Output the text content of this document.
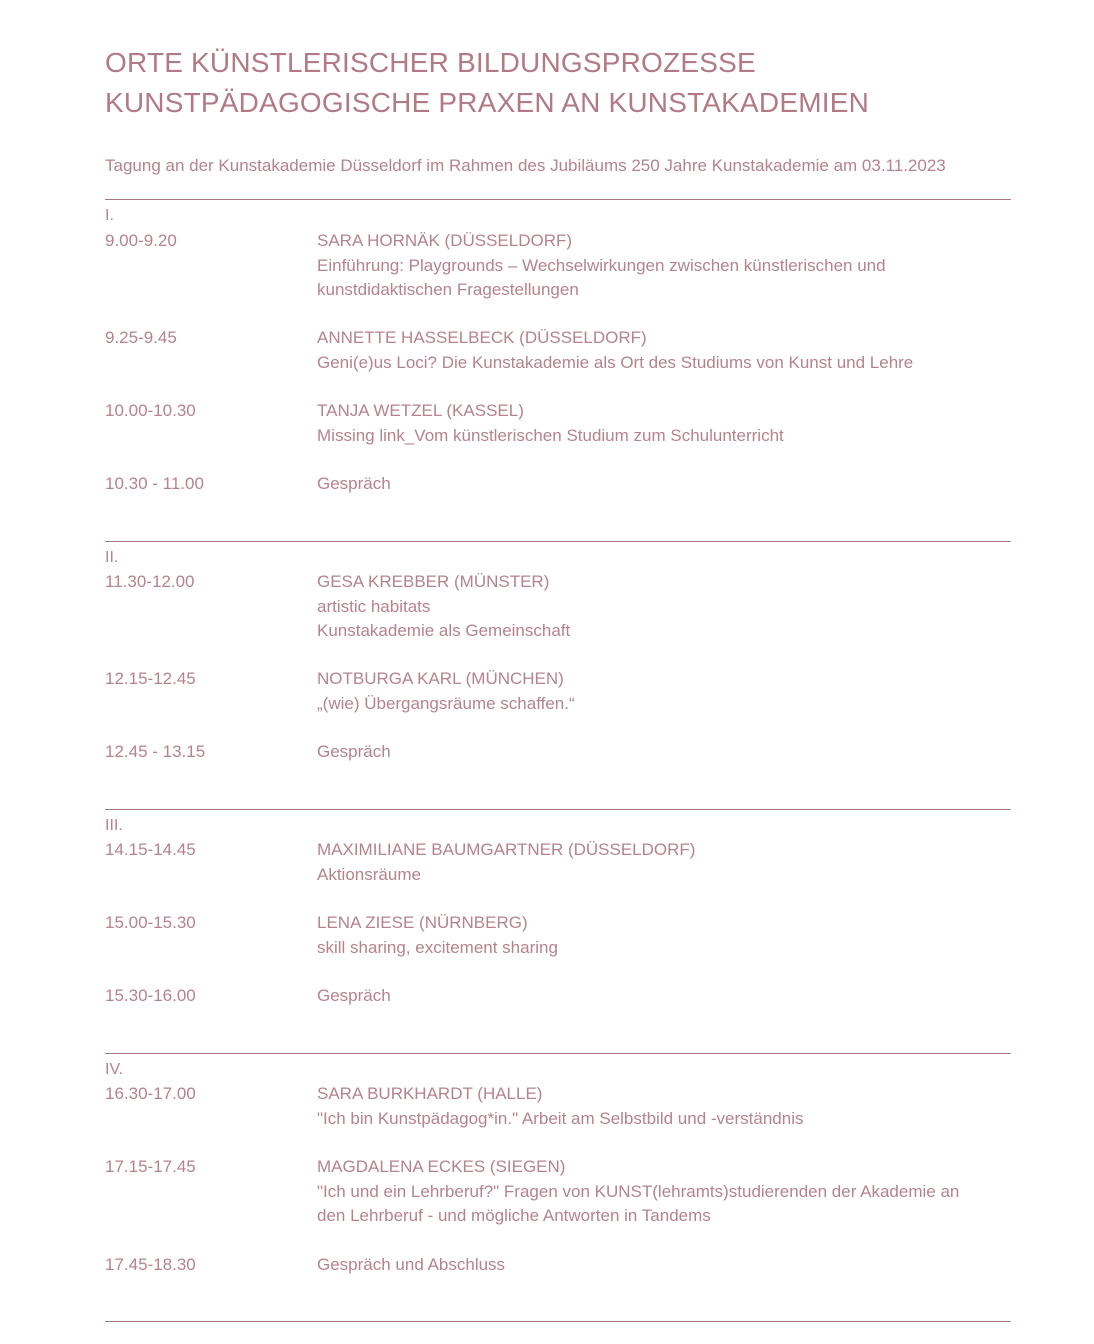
ORTE KÜNSTLERISCHER BILDUNGSPROZESSE
KUNSTPÄDAGOGISCHE PRAXEN AN KUNSTAKADEMIEN
Tagung an der Kunstakademie Düsseldorf im Rahmen des Jubiläums 250 Jahre Kunstakademie am 03.11.2023
I.
9.00-9.20	SARA HORNÄK (DÜSSELDORF)
Einführung: Playgrounds – Wechselwirkungen zwischen künstlerischen und
kunstdidaktischen Fragestellungen
9.25-9.45	ANNETTE HASSELBECK (DÜSSELDORF)
Geni(e)us Loci? Die Kunstakademie als Ort des Studiums von Kunst und Lehre
10.00-10.30	TANJA WETZEL (KASSEL)
Missing link_Vom künstlerischen Studium zum Schulunterricht
10.30 - 11.00	Gespräch
II.
11.30-12.00	GESA KREBBER (MÜNSTER)
artistic habitats
Kunstakademie als Gemeinschaft
12.15-12.45	NOTBURGA KARL (MÜNCHEN)
„(wie) Übergangsräume schaffen.“
12.45 - 13.15	Gespräch
III.
14.15-14.45	MAXIMILIANE BAUMGARTNER (DÜSSELDORF)
Aktionsräume
15.00-15.30	LENA ZIESE (NÜRNBERG)
skill sharing, excitement sharing
15.30-16.00	Gespräch
IV.
16.30-17.00	SARA BURKHARDT (HALLE)
"Ich bin Kunstpädagog*in." Arbeit am Selbstbild und -verständnis
17.15-17.45	MAGDALENA ECKES (SIEGEN)
"Ich und ein Lehrberuf?" Fragen von KUNST(lehramts)studierenden der Akademie an
den Lehrberuf - und mögliche Antworten in Tandems
17.45-18.30	Gespräch und Abschluss
